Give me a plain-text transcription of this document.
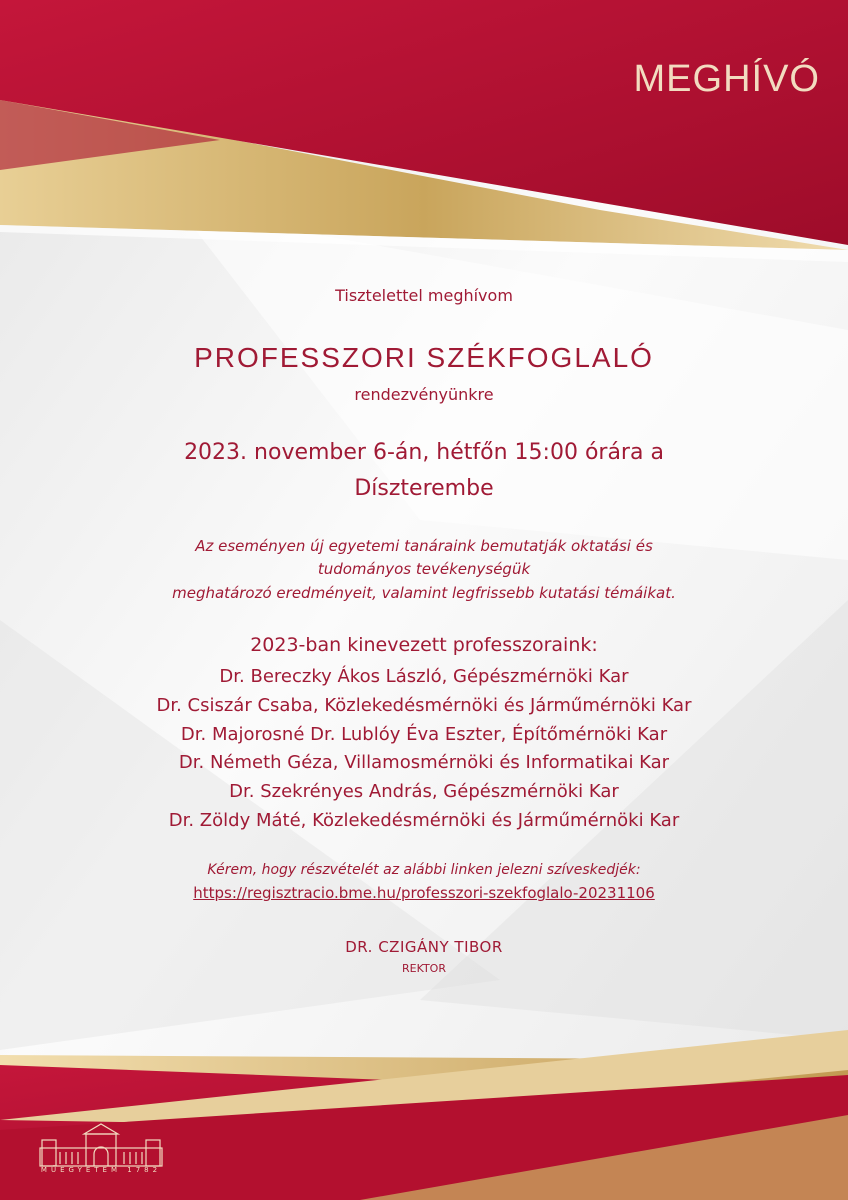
MEGHÍVÓ
Tisztelettel meghívom
PROFESSZORI SZÉKFOGLALÓ
rendezvényünkre
2023. november 6-án, hétfőn 15:00 órára a
Díszterembe
Az eseményen új egyetemi tanáraink bemutatják oktatási és
tudományos tevékenységük
meghatározó eredményeit, valamint legfrissebb kutatási témáikat.
2023-ban kinevezett professzoraink:
Dr. Bereczky Ákos László, Gépészmérnöki Kar
Dr. Csiszár Csaba, Közlekedésmérnöki és Járműmérnöki Kar
Dr. Majorosné Dr. Lublóy Éva Eszter, Építőmérnöki Kar
Dr. Németh Géza, Villamosmérnöki és Informatikai Kar
Dr. Szekrényes András, Gépészmérnöki Kar
Dr. Zöldy Máté, Közlekedésmérnöki és Járműmérnöki Kar
Kérem, hogy részvételét az alábbi linken jelezni szíveskedjék:
https://regisztracio.bme.hu/professzori-szekfoglalo-20231106
DR. CZIGÁNY TIBOR
REKTOR
MŰEGYETEM 1782
